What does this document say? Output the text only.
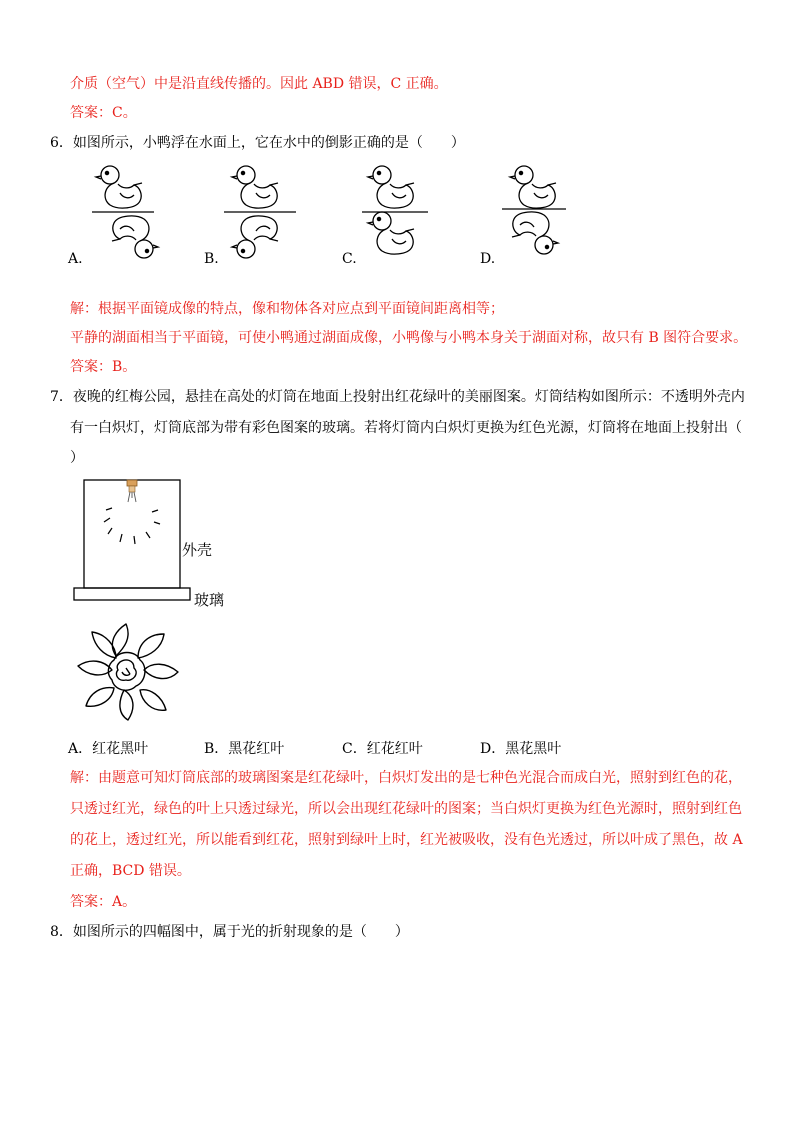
介质（空气）中是沿直线传播的。因此 ABD 错误，C 正确。
答案：C。
6．如图所示，小鸭浮在水面上，它在水中的倒影正确的是（　　）
A.	B.	C.	D.
解：根据平面镜成像的特点，像和物体各对应点到平面镜间距离相等；
平静的湖面相当于平面镜，可使小鸭通过湖面成像，小鸭像与小鸭本身关于湖面对称，故只有 B 图符合要求。
答案：B。
7．夜晚的红梅公园，悬挂在高处的灯筒在地面上投射出红花绿叶的美丽图案。灯筒结构如图所示：不透明外壳内
有一白炽灯，灯筒底部为带有彩色图案的玻璃。若将灯筒内白炽灯更换为红色光源，灯筒将在地面上投射出（
）
外壳
玻璃
A．红花黑叶	B．黑花红叶	C．红花红叶	D．黑花黑叶
解：由题意可知灯筒底部的玻璃图案是红花绿叶，白炽灯发出的是七种色光混合而成白光，照射到红色的花，
只透过红光，绿色的叶上只透过绿光，所以会出现红花绿叶的图案；当白炽灯更换为红色光源时，照射到红色
的花上，透过红光，所以能看到红花，照射到绿叶上时，红光被吸收，没有色光透过，所以叶成了黑色，故 A
正确，BCD 错误。
答案：A。
8．如图所示的四幅图中，属于光的折射现象的是（　　）
